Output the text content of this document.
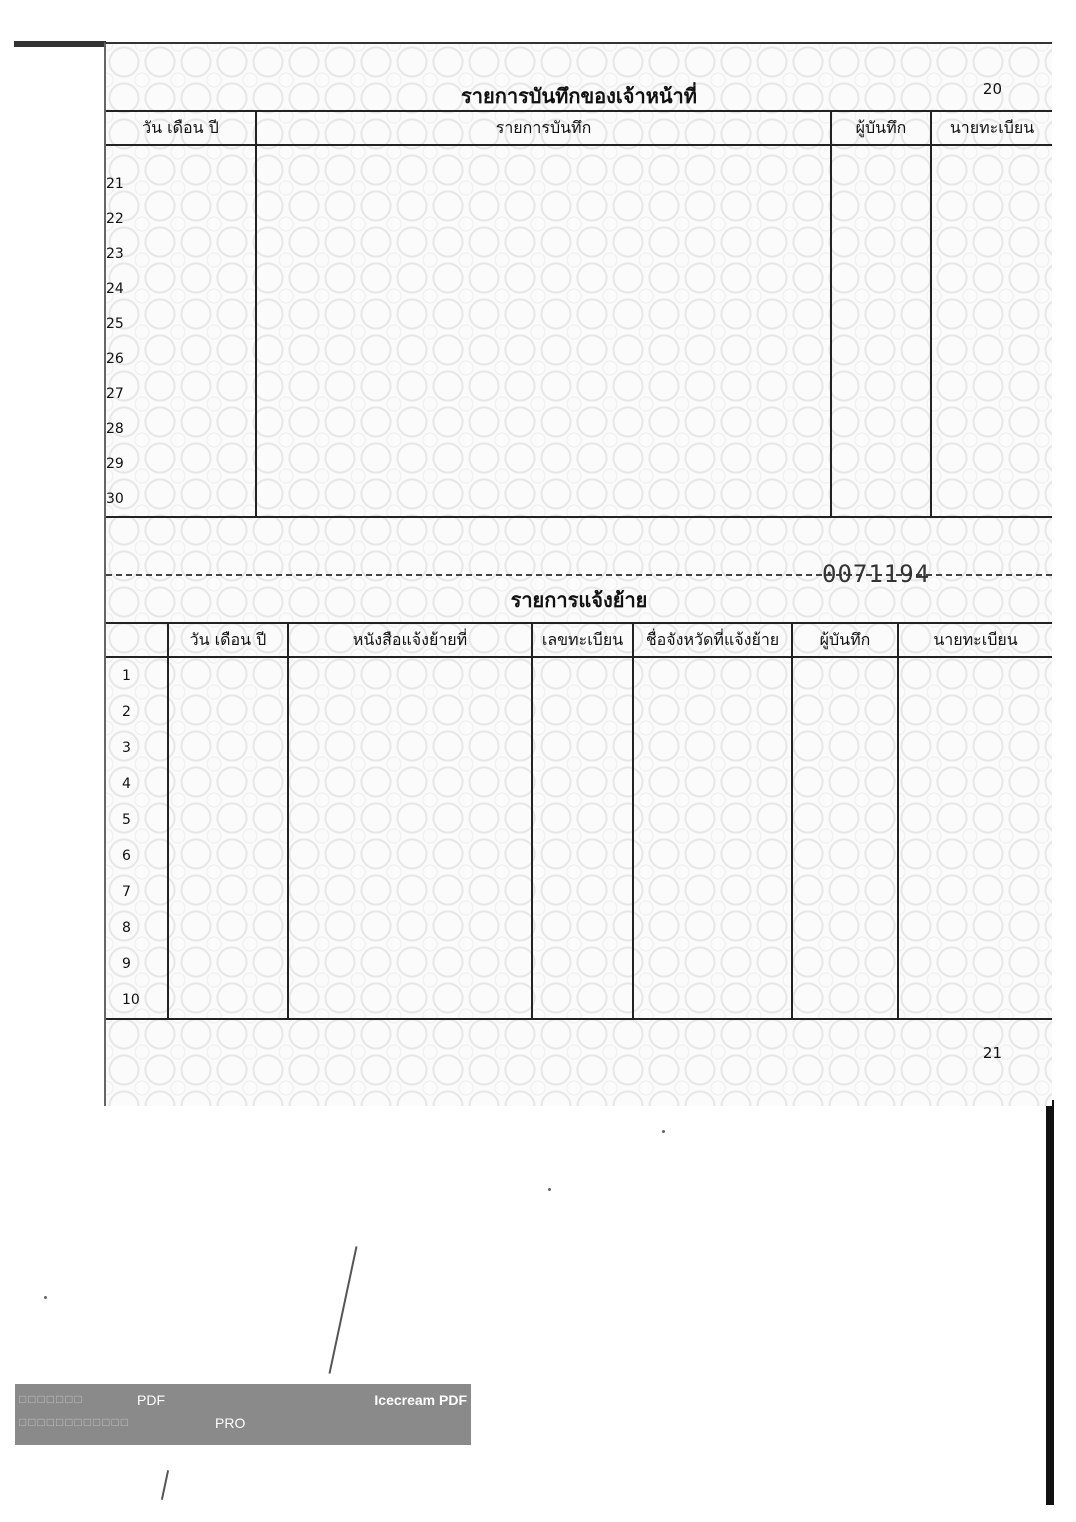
รายการบันทึกของเจ้าหน้าที่	20
วัน เดือน ปี	รายการบันทึก	ผู้บันทึก	นายทะเบียน

21			
22			
23			
24			
25			
26			
27			
28			
29			
30			
0071194
รายการแจ้งย้าย
	วัน เดือน ปี	หนังสือแจ้งย้ายที่	เลขทะเบียน	ชื่อจังหวัดที่แจ้งย้าย	ผู้บันทึก	นายทะเบียน
1						
2						
3						
4						
5						
6						
7						
8						
9						
10						
21
□□□□□□□	PDF	Icecream PDF
□□□□□□□□□□□□	PRO
